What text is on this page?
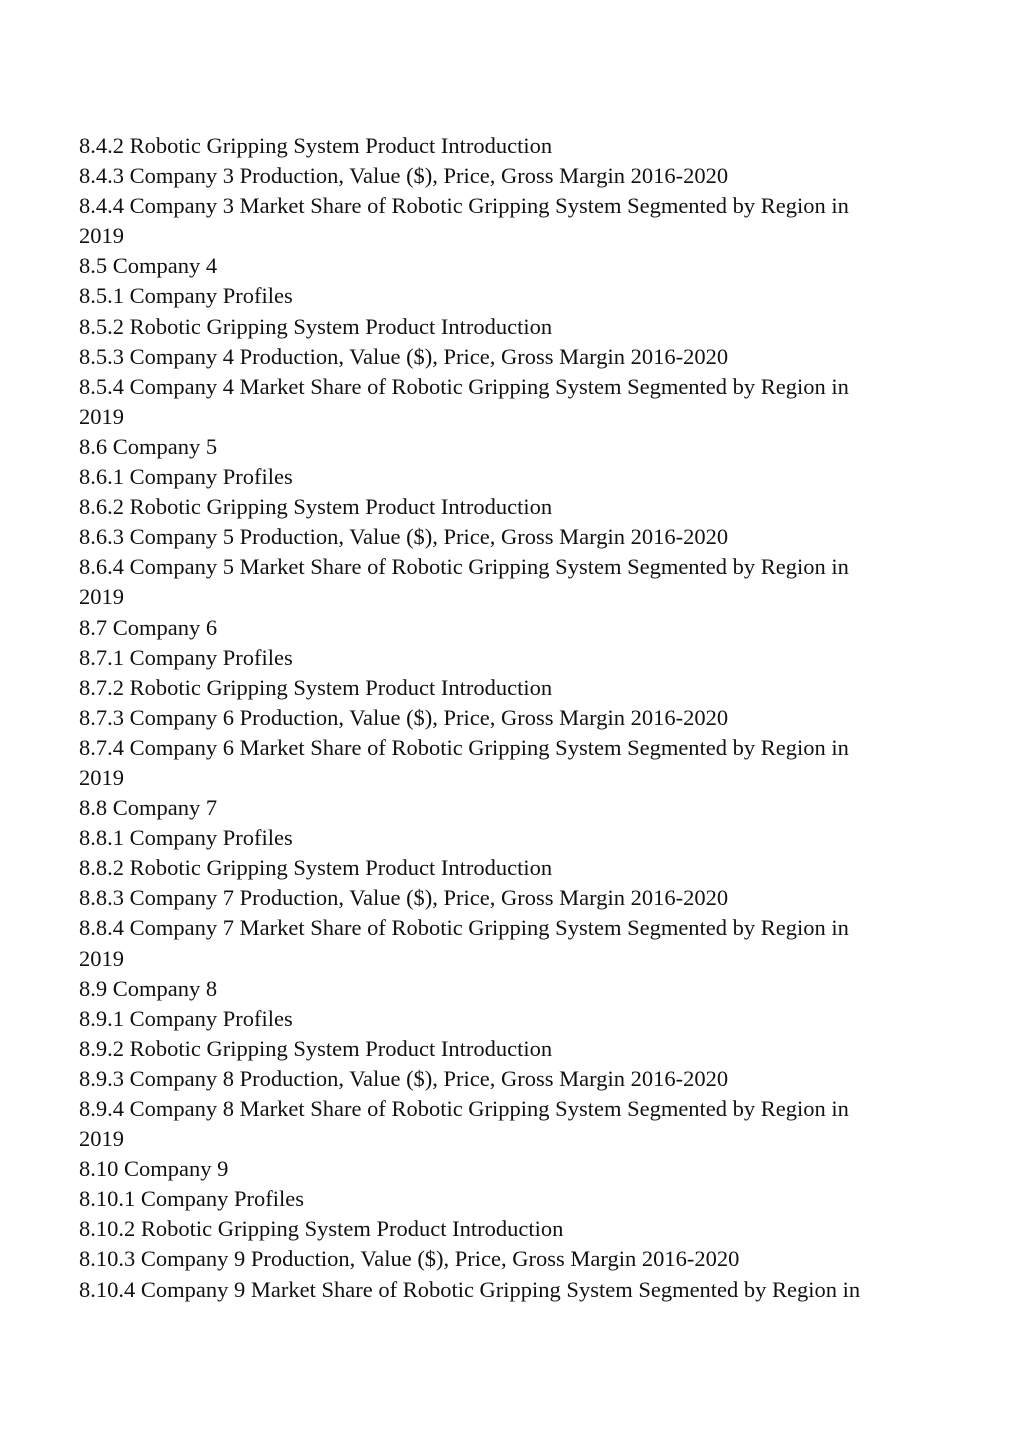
8.4.2 Robotic Gripping System Product Introduction

8.4.3 Company 3 Production, Value ($), Price, Gross Margin 2016-2020

8.4.4 Company 3 Market Share of Robotic Gripping System Segmented by Region in

2019

8.5 Company 4

8.5.1 Company Profiles

8.5.2 Robotic Gripping System Product Introduction

8.5.3 Company 4 Production, Value ($), Price, Gross Margin 2016-2020

8.5.4 Company 4 Market Share of Robotic Gripping System Segmented by Region in

2019

8.6 Company 5

8.6.1 Company Profiles

8.6.2 Robotic Gripping System Product Introduction

8.6.3 Company 5 Production, Value ($), Price, Gross Margin 2016-2020

8.6.4 Company 5 Market Share of Robotic Gripping System Segmented by Region in

2019

8.7 Company 6

8.7.1 Company Profiles

8.7.2 Robotic Gripping System Product Introduction

8.7.3 Company 6 Production, Value ($), Price, Gross Margin 2016-2020

8.7.4 Company 6 Market Share of Robotic Gripping System Segmented by Region in

2019

8.8 Company 7

8.8.1 Company Profiles

8.8.2 Robotic Gripping System Product Introduction

8.8.3 Company 7 Production, Value ($), Price, Gross Margin 2016-2020

8.8.4 Company 7 Market Share of Robotic Gripping System Segmented by Region in

2019

8.9 Company 8

8.9.1 Company Profiles

8.9.2 Robotic Gripping System Product Introduction

8.9.3 Company 8 Production, Value ($), Price, Gross Margin 2016-2020

8.9.4 Company 8 Market Share of Robotic Gripping System Segmented by Region in

2019

8.10 Company 9

8.10.1 Company Profiles

8.10.2 Robotic Gripping System Product Introduction

8.10.3 Company 9 Production, Value ($), Price, Gross Margin 2016-2020

8.10.4 Company 9 Market Share of Robotic Gripping System Segmented by Region in
